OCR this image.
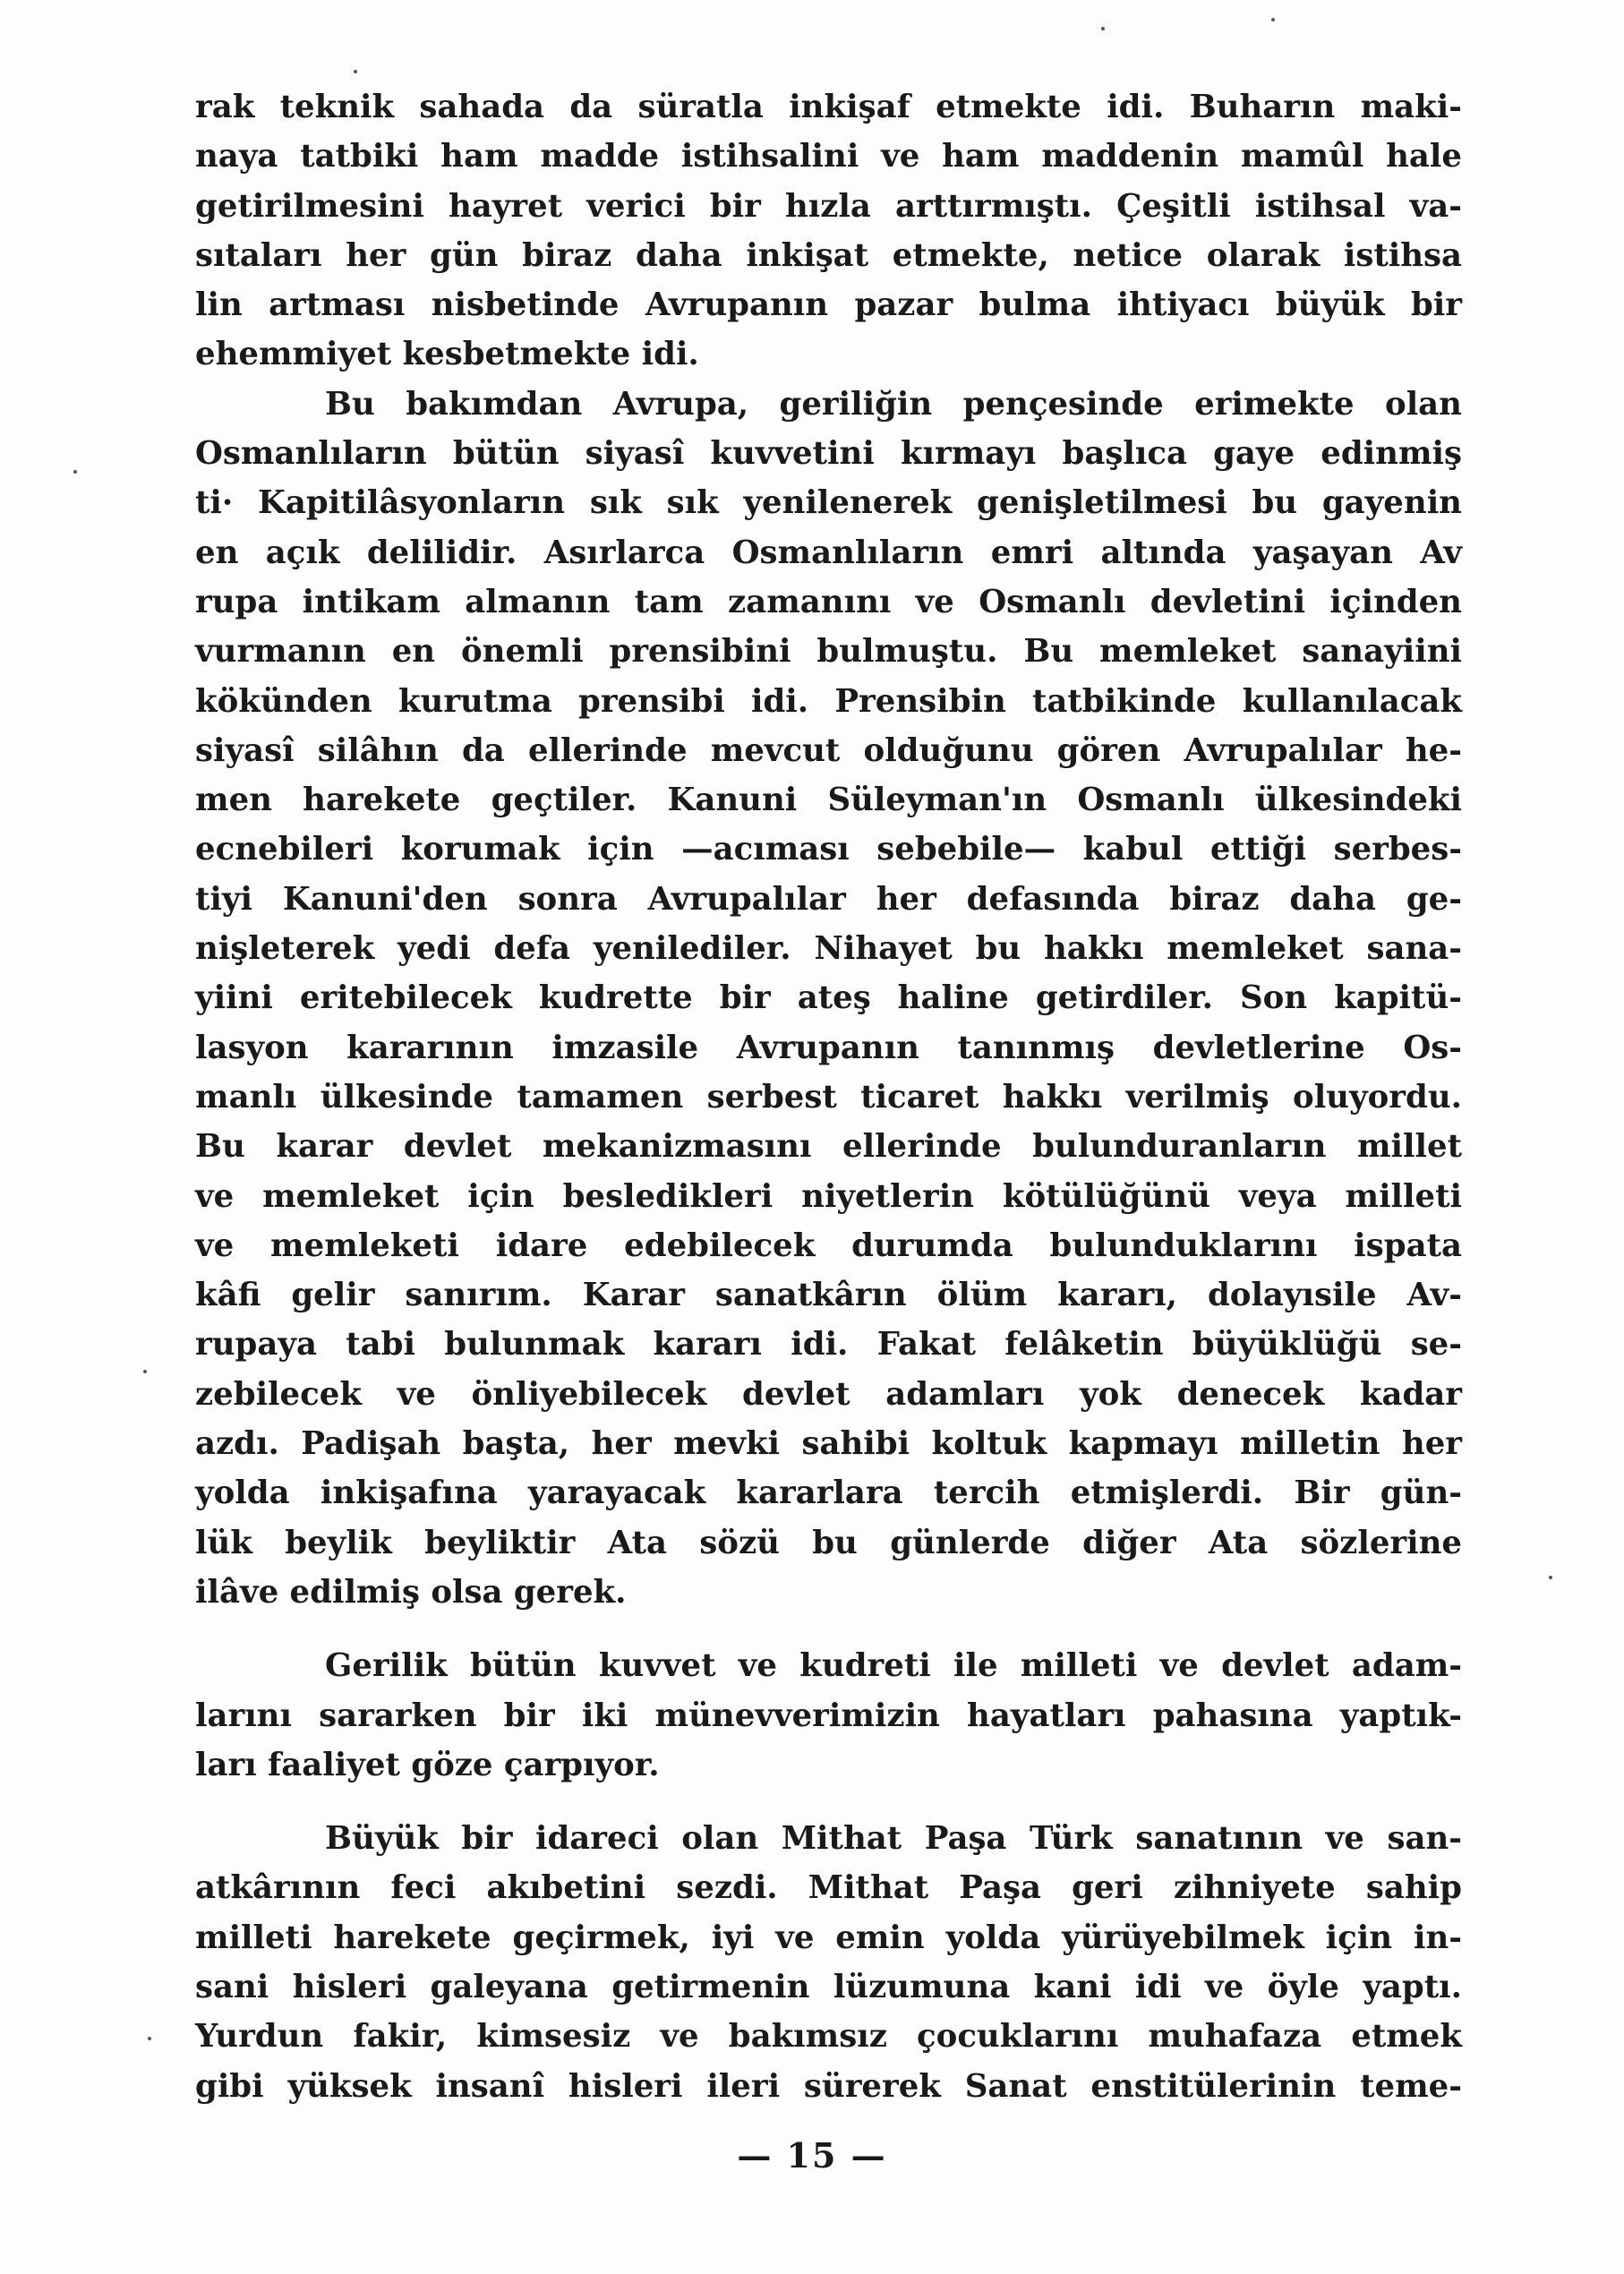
rak teknik sahada da süratla inkişaf etmekte idi. Buharın maki-
naya tatbiki ham madde istihsalini ve ham maddenin mamûl hale
getirilmesini hayret verici bir hızla arttırmıştı. Çeşitli istihsal va-
sıtaları her gün biraz daha inkişat etmekte, netice olarak istihsa
lin artması nisbetinde Avrupanın pazar bulma ihtiyacı büyük bir
ehemmiyet kesbetmekte idi.
Bu bakımdan Avrupa, geriliğin pençesinde erimekte olan
Osmanlıların bütün siyasî kuvvetini kırmayı başlıca gaye edinmiş
ti· Kapitilâsyonların sık sık yenilenerek genişletilmesi bu gayenin
en açık delilidir. Asırlarca Osmanlıların emri altında yaşayan Av
rupa intikam almanın tam zamanını ve Osmanlı devletini içinden
vurmanın en önemli prensibini bulmuştu. Bu memleket sanayiini
kökünden kurutma prensibi idi. Prensibin tatbikinde kullanılacak
siyasî silâhın da ellerinde mevcut olduğunu gören Avrupalılar he-
men harekete geçtiler. Kanuni Süleyman'ın Osmanlı ülkesindeki
ecnebileri korumak için —acıması sebebile— kabul ettiği serbes-
tiyi Kanuni'den sonra Avrupalılar her defasında biraz daha ge-
nişleterek yedi defa yenilediler. Nihayet bu hakkı memleket sana-
yiini eritebilecek kudrette bir ateş haline getirdiler. Son kapitü-
lasyon kararının imzasile Avrupanın tanınmış devletlerine Os-
manlı ülkesinde tamamen serbest ticaret hakkı verilmiş oluyordu.
Bu karar devlet mekanizmasını ellerinde bulunduranların millet
ve memleket için besledikleri niyetlerin kötülüğünü veya milleti
ve memleketi idare edebilecek durumda bulunduklarını ispata
kâfi gelir sanırım. Karar sanatkârın ölüm kararı, dolayısile Av-
rupaya tabi bulunmak kararı idi. Fakat felâketin büyüklüğü se-
zebilecek ve önliyebilecek devlet adamları yok denecek kadar
azdı. Padişah başta, her mevki sahibi koltuk kapmayı milletin her
yolda inkişafına yarayacak kararlara tercih etmişlerdi. Bir gün-
lük beylik beyliktir Ata sözü bu günlerde diğer Ata sözlerine
ilâve edilmiş olsa gerek.
Gerilik bütün kuvvet ve kudreti ile milleti ve devlet adam-
larını sararken bir iki münevverimizin hayatları pahasına yaptık-
ları faaliyet göze çarpıyor.
Büyük bir idareci olan Mithat Paşa Türk sanatının ve san-
atkârının feci akıbetini sezdi. Mithat Paşa geri zihniyete sahip
milleti harekete geçirmek, iyi ve emin yolda yürüyebilmek için in-
sani hisleri galeyana getirmenin lüzumuna kani idi ve öyle yaptı.
Yurdun fakir, kimsesiz ve bakımsız çocuklarını muhafaza etmek
gibi yüksek insanî hisleri ileri sürerek Sanat enstitülerinin teme-
— 15 —
